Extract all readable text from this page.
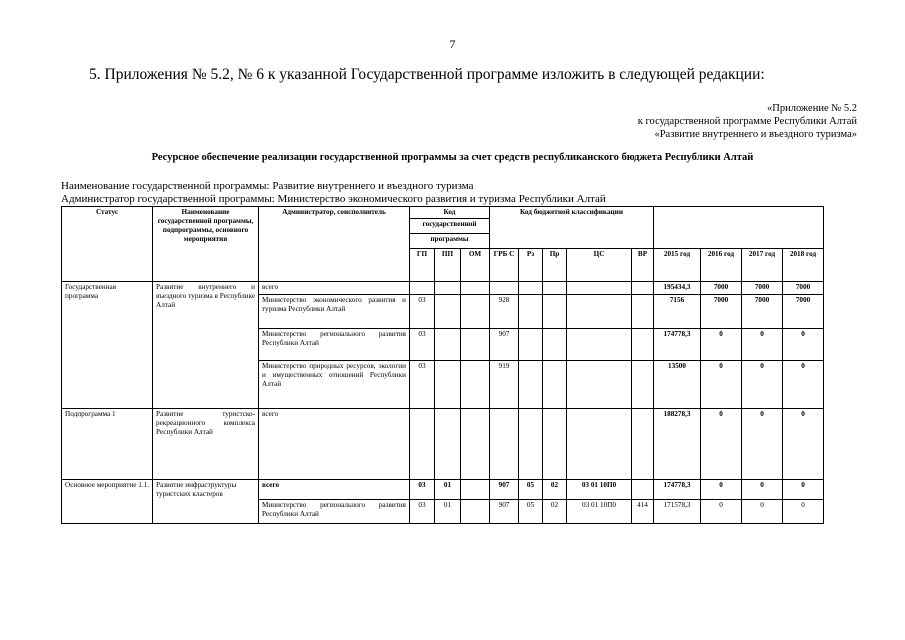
7
5. Приложения № 5.2, № 6 к указанной Государственной программе изложить в следующей редакции:
«Приложение № 5.2
к государственной программе Республики Алтай
«Развитие внутреннего и въездного туризма»
Ресурсное обеспечение реализации государственной программы за счет средств республиканского бюджета Республики Алтай
Наименование государственной программы: Развитие внутреннего и въездного туризма
Администратор государственной программы: Министерство экономического развития и туризма Республики Алтай
Статус	Наименование государственной программы, подпрограммы, основного мероприятия	Администратор, соисполнитель	Код			Код бюджетной классификации								
			государственной											
			программы											
			ГП	ПП	ОМ	ГРБ С	Рз	Пр	ЦС	ВР	2015 год	2016 год	2017 год	2018 год
Государственная программа	Развитие внутреннего и въездного туризма в Республике Алтай	всего									195434,3	7000	7000	7000
		Министерство экономического развития и туризма Республики Алтай	03			928					7156	7000	7000	7000
		Министерство регионального развития Республики Алтай	03			907					174778,3	0	0	0
		Министерство природных ресурсов, экологии и имущественных отношений Республики Алтай	03			919					13500	0	0	0
Подпрограмма 1	Развитие туристско-рекреационного комплекса Республики Алтай	всего									188278,3	0	0	0
Основное мероприятие 1.1.	Развитие инфраструктуры туристских кластеров	всего	03	01		907	05	02	03 01 10П0		174778,3	0	0	0
		Министерство регионального развития Республики Алтай	03	01		907	05	02	03 01 10П0	414	171578,3	0	0	0
